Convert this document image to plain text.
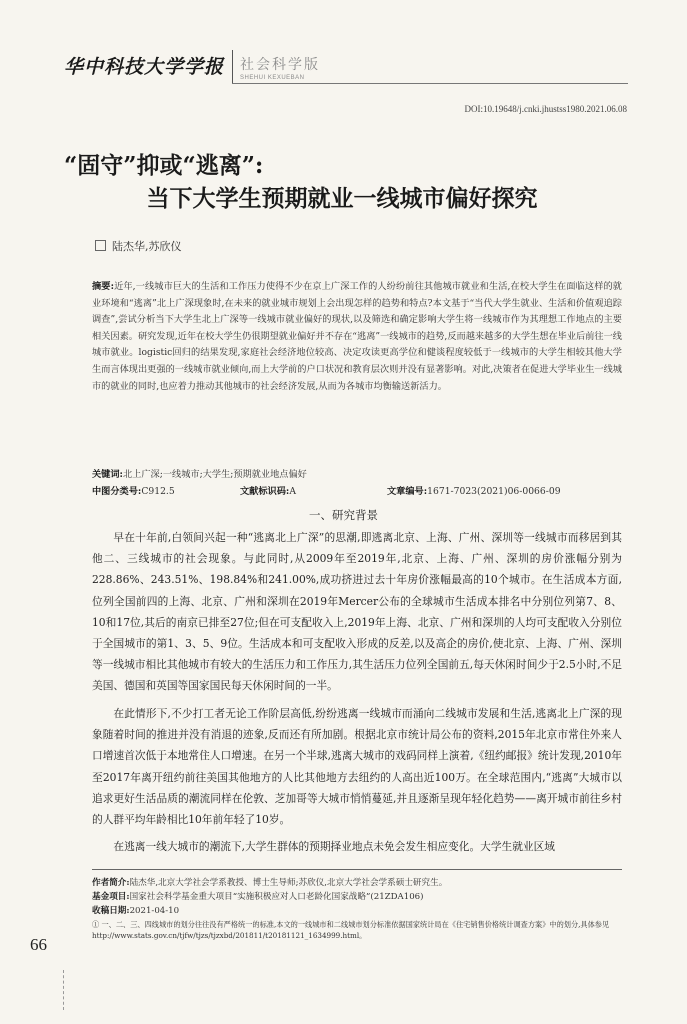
华中科技大学学报 社会科学版
SHEHUI KEXUEBAN
DOI:10.19648/j.cnki.jhustss1980.2021.06.08
“固守”抑或“逃离”:
当下大学生预期就业一线城市偏好探究
陆杰华,苏欣仪
摘要:近年,一线城市巨大的生活和工作压力使得不少在京上广深工作的人纷纷前往其他城市就业和生活,在校大学生在面临这样的就业环境和“逃离”北上广深现象时,在未来的就业城市规划上会出现怎样的趋势和特点?本文基于“当代大学生就业、生活和价值观追踪调查”,尝试分析当下大学生北上广深等一线城市就业偏好的现状,以及筛选和确定影响大学生将一线城市作为其理想工作地点的主要相关因素。研究发现,近年在校大学生仍很期望就业偏好并不存在“逃离”一线城市的趋势,反而越来越多的大学生想在毕业后前往一线城市就业。logistic回归的结果发现,家庭社会经济地位较高、决定攻读更高学位和健谈程度较低于一线城市的大学生相较其他大学生而言体现出更强的一线城市就业倾向,而上大学前的户口状况和教育层次则并没有显著影响。对此,决策者在促进大学毕业生一线城市的就业的同时,也应着力推动其他城市的社会经济发展,从而为各城市均衡输送新活力。
关键词:北上广深;一线城市;大学生;预期就业地点偏好
中图分类号:C912.5	文献标识码:A	文章编号:1671-7023(2021)06-0066-09
一、研究背景
早在十年前,白领间兴起一种“逃离北上广深”的思潮,即逃离北京、上海、广州、深圳等一线城市而移居到其他二、三线城市的社会现象。与此同时,从2009年至2019年,北京、上海、广州、深圳的房价涨幅分别为228.86%、243.51%、198.84%和241.00%,成功挤进过去十年房价涨幅最高的10个城市。在生活成本方面,位列全国前四的上海、北京、广州和深圳在2019年Mercer公布的全球城市生活成本排名中分别位列第7、8、10和17位,其后的南京已排至27位;但在可支配收入上,2019年上海、北京、广州和深圳的人均可支配收入分别位于全国城市的第1、3、5、9位。生活成本和可支配收入形成的反差,以及高企的房价,使北京、上海、广州、深圳等一线城市相比其他城市有较大的生活压力和工作压力,其生活压力位列全国前五,每天休闲时间少于2.5小时,不足美国、德国和英国等国家国民每天休闲时间的一半。
在此情形下,不少打工者无论工作阶层高低,纷纷逃离一线城市而涌向二线城市发展和生活,逃离北上广深的现象随着时间的推进并没有消退的迹象,反而还有所加剧。根据北京市统计局公布的资料,2015年北京市常住外来人口增速首次低于本地常住人口增速。在另一个半球,逃离大城市的戏码同样上演着,《纽约邮报》统计发现,2010年至2017年离开纽约前往美国其他地方的人比其他地方去纽约的人高出近100万。在全球范围内,“逃离”大城市以追求更好生活品质的潮流同样在伦敦、芝加哥等大城市悄悄蔓延,并且逐渐呈现年轻化趋势——离开城市前往乡村的人群平均年龄相比10年前年轻了10岁。
在逃离一线大城市的潮流下,大学生群体的预期择业地点未免会发生相应变化。大学生就业区域
作者简介:陆杰华,北京大学社会学系教授、博士生导师;苏欣仪,北京大学社会学系硕士研究生。
基金项目:国家社会科学基金重大项目“实施积极应对人口老龄化国家战略”(21ZDA106)
收稿日期:2021-04-10
① 一、二、三、四线城市的划分往往没有严格统一的标准,本文的一线城市和二线城市划分标准依据国家统计局在《住宅销售价格统计调查方案》中的划分,具体参见 http://www.stats.gov.cn/tjfw/tjzs/tjzxbd/201811/t20181121_1634999.html。
66
